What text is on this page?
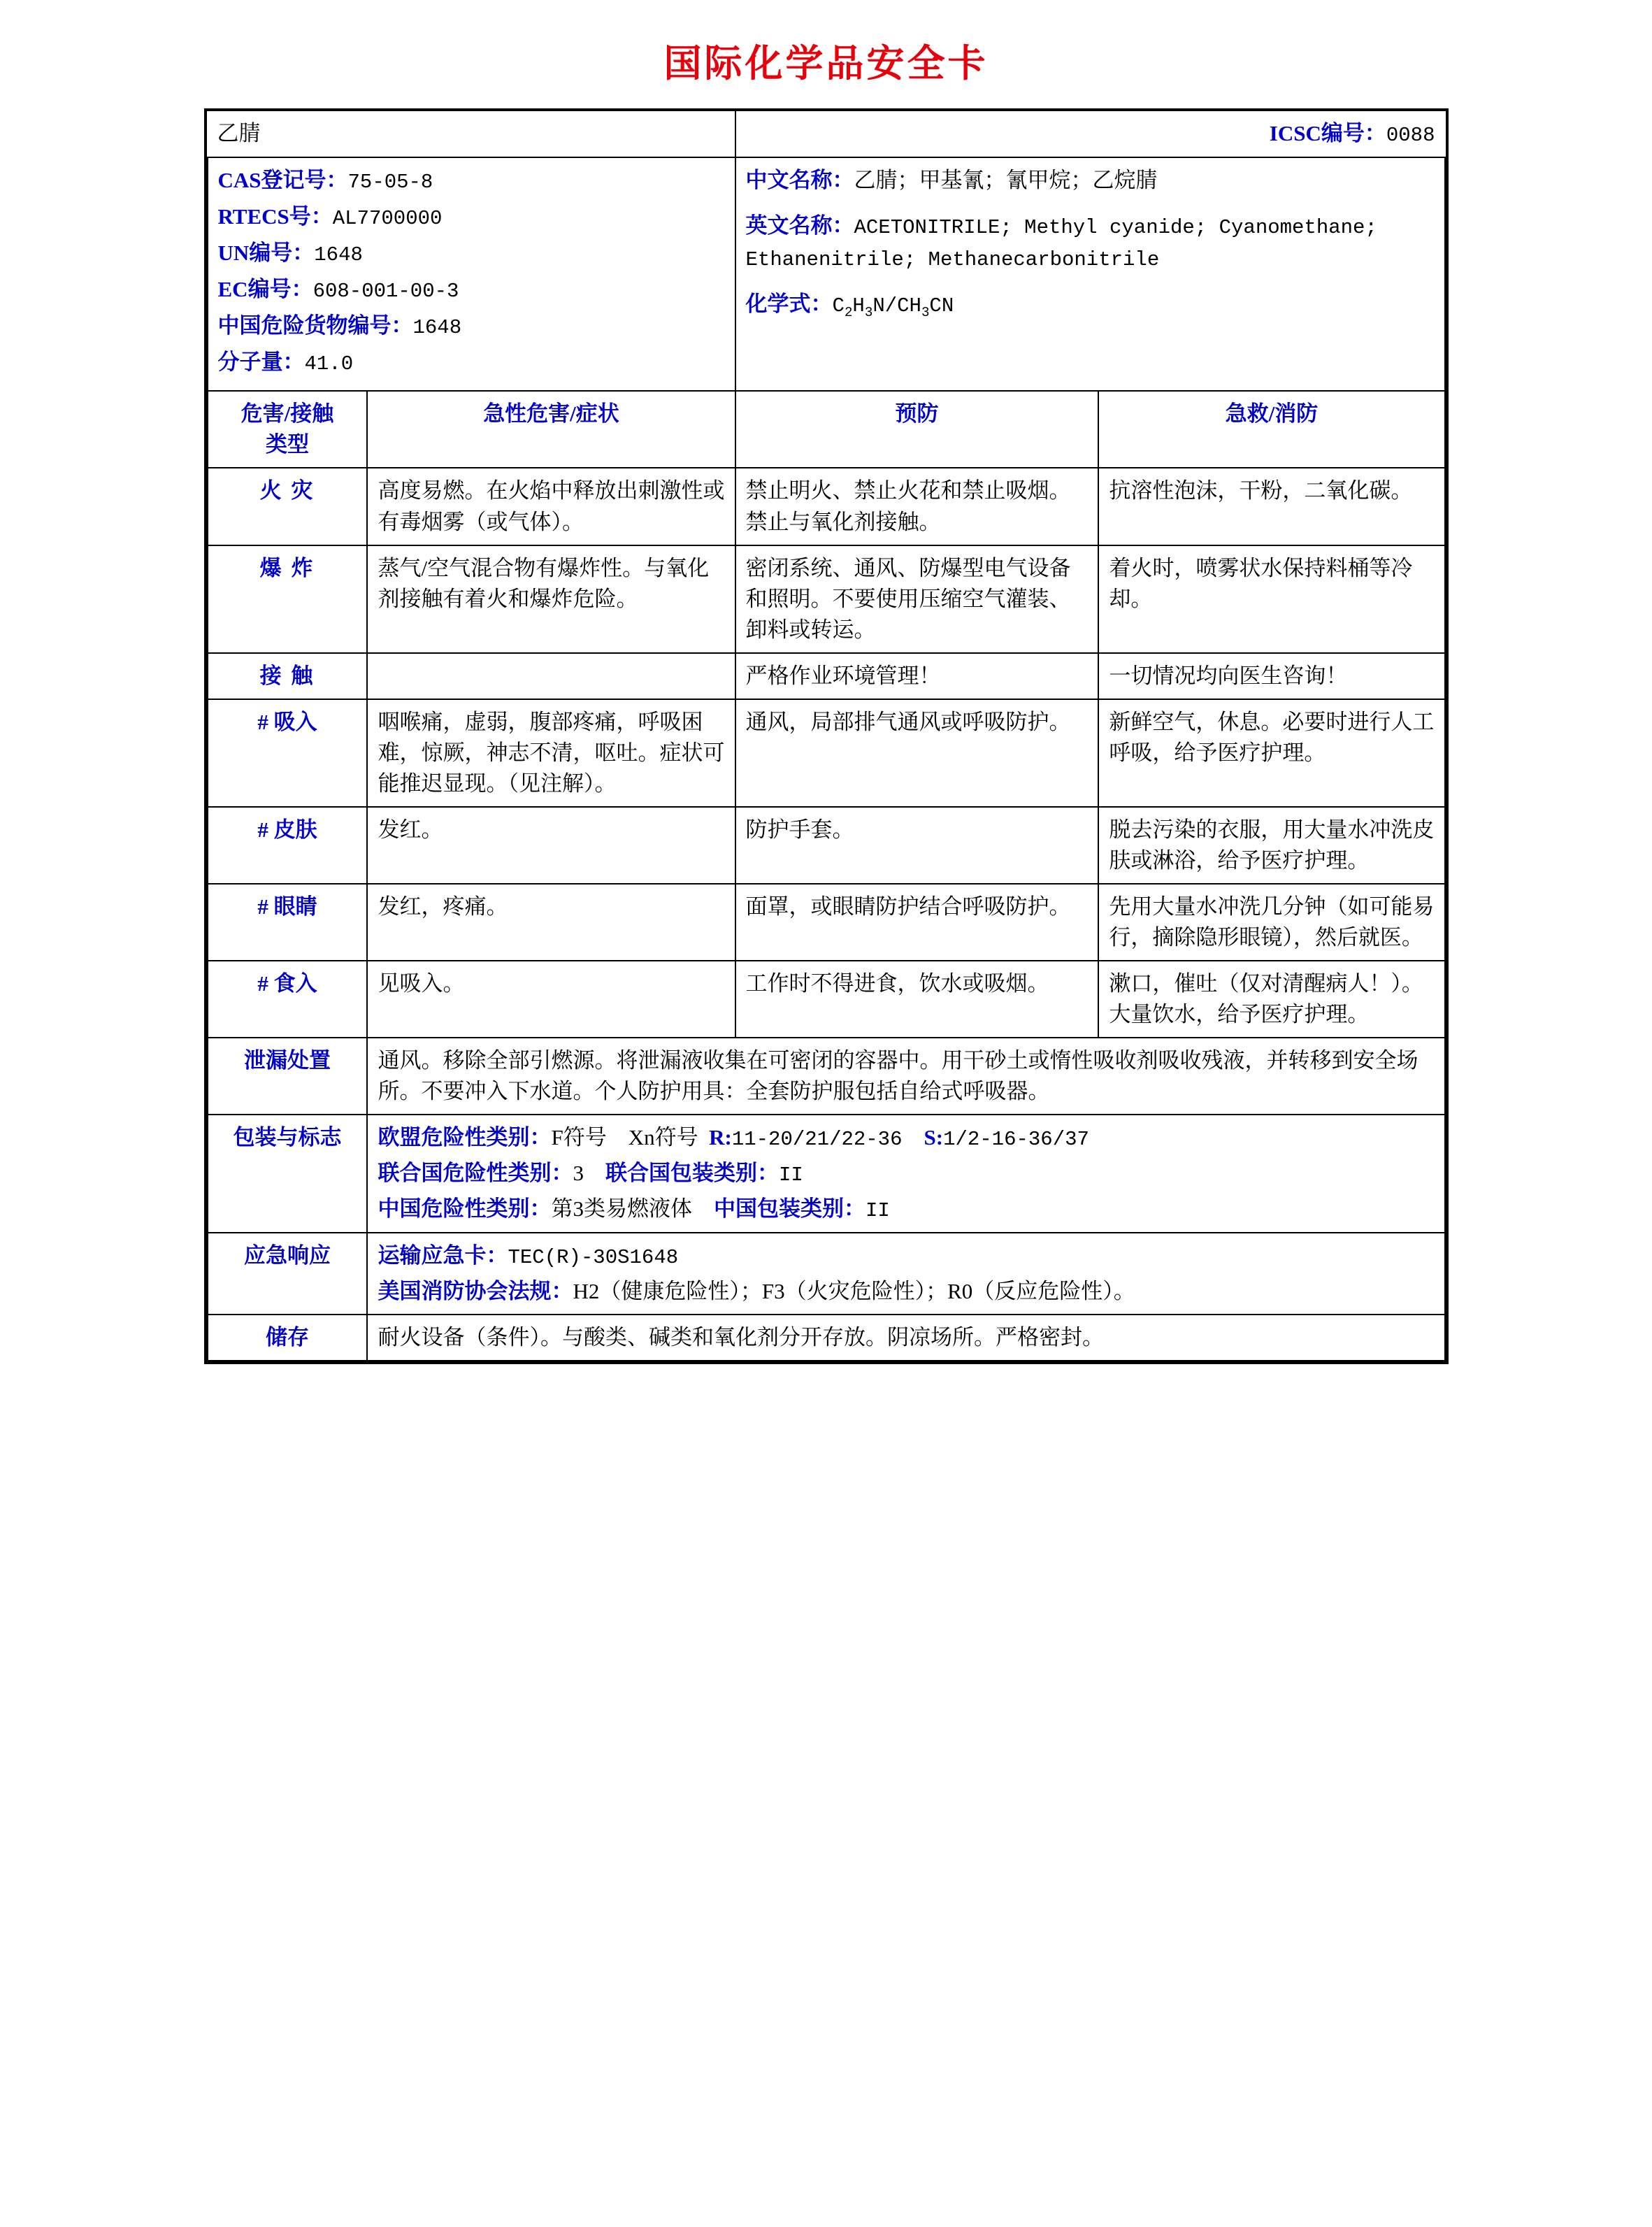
国际化学品安全卡
乙腈		ICSC编号：0088	

CAS登记号：75-05-8

RTECS号：AL7700000

UN编号：1648

EC编号：608-001-00-3

中国危险货物编号：1648

分子量：41.0

中文名称：乙腈；甲基氰；氰甲烷；乙烷腈

英文名称：ACETONITRILE; Methyl cyanide; Cyanomethane; Ethanenitrile; Methanecarbonitrile

化学式：$C_2H_3N/CH_3CN$

危害/接触
类型	急性危害/症状	预防	急救/消防
火 灾	高度易燃。在火焰中释放出刺激性或有毒烟雾（或气体）。	禁止明火、禁止火花和禁止吸烟。禁止与氧化剂接触。	抗溶性泡沫，干粉，二氧化碳。
爆 炸	蒸气/空气混合物有爆炸性。与氧化剂接触有着火和爆炸危险。	密闭系统、通风、防爆型电气设备和照明。不要使用压缩空气灌装、卸料或转运。	着火时，喷雾状水保持料桶等冷却。
接 触		严格作业环境管理！	一切情况均向医生咨询！
# 吸入	咽喉痛，虚弱，腹部疼痛，呼吸困难，惊厥，神志不清，呕吐。症状可能推迟显现。（见注解）。	通风，局部排气通风或呼吸防护。	新鲜空气，休息。必要时进行人工呼吸，给予医疗护理。
# 皮肤	发红。	防护手套。	脱去污染的衣服，用大量水冲洗皮肤或淋浴，给予医疗护理。
# 眼睛	发红，疼痛。	面罩，或眼睛防护结合呼吸防护。	先用大量水冲洗几分钟（如可能易行，摘除隐形眼镜），然后就医。
# 食入	见吸入。	工作时不得进食，饮水或吸烟。	漱口，催吐（仅对清醒病人！）。大量饮水，给予医疗护理。
泄漏处置	通风。移除全部引燃源。将泄漏液收集在可密闭的容器中。用干砂土或惰性吸收剂吸收残液，并转移到安全场所。不要冲入下水道。个人防护用具：全套防护服包括自给式呼吸器。		
包装与标志	欧盟危险性类别：F符号　Xn符号 R:11-20/21/22-36 S:1/2-16-36/37

联合国危险性类别：3 联合国包装类别：II

中国危险性类别：第3类易燃液体 中国包装类别：II		

应急响应	运输应急卡：TEC(R)-30S1648

美国消防协会法规：H2（健康危险性）；F3（火灾危险性）；R0（反应危险性）。		

储存	耐火设备（条件）。与酸类、碱类和氧化剂分开存放。阴凉场所。严格密封。		
